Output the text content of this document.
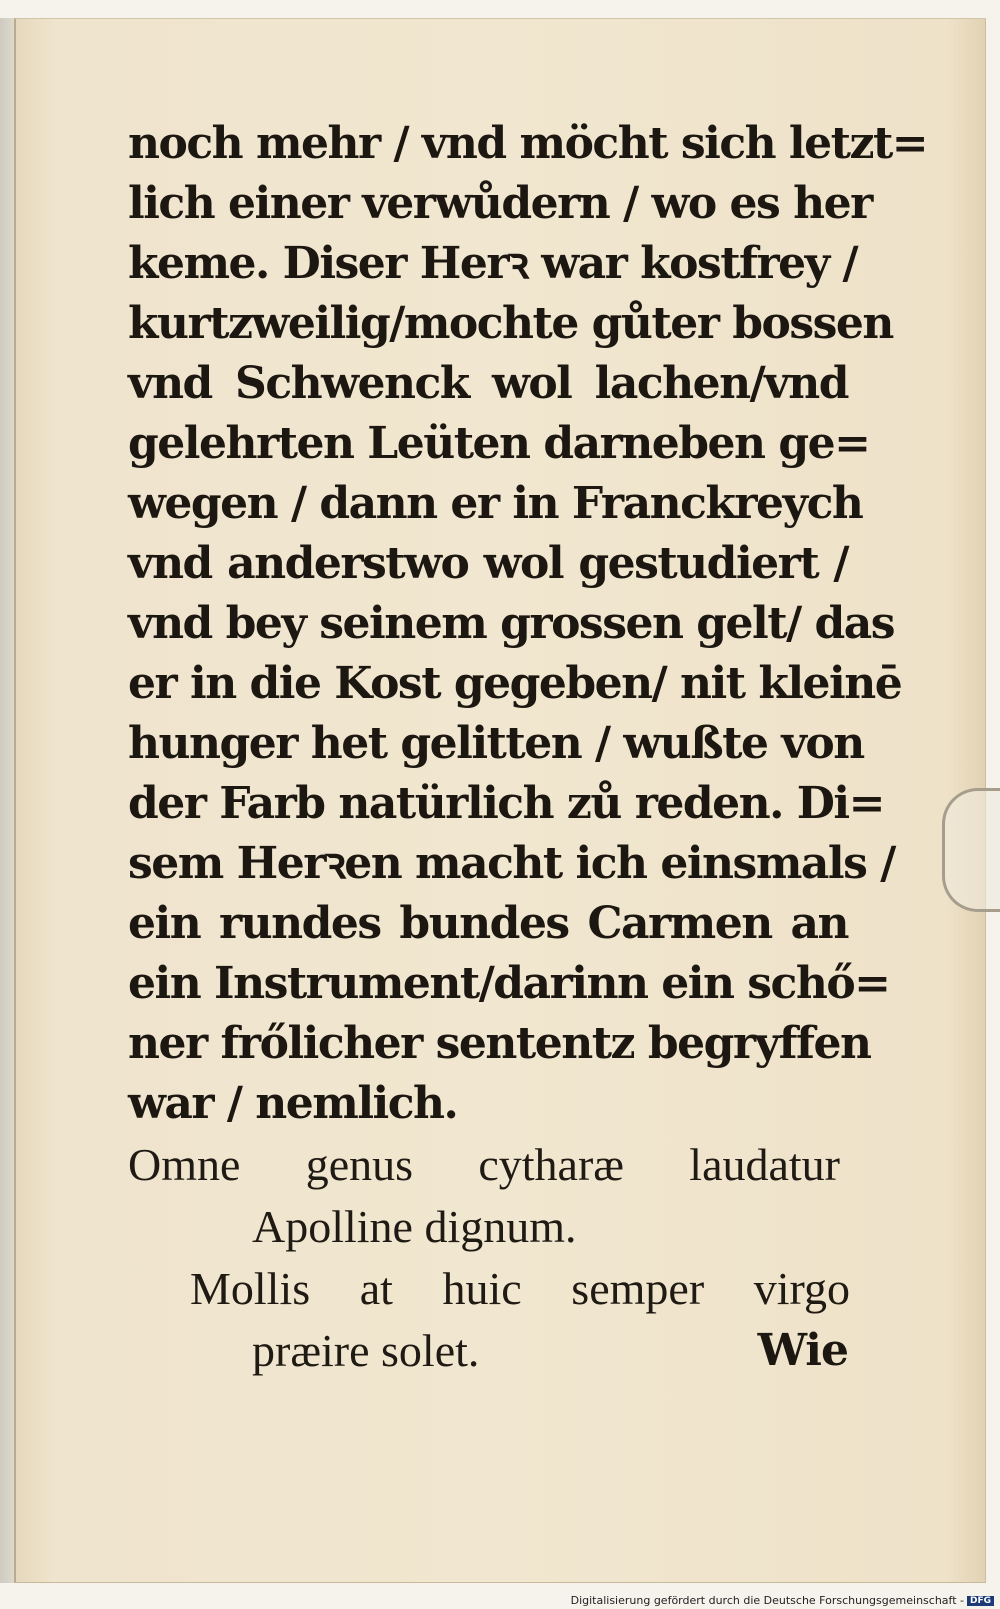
noch mehr / vnd möcht sich letzt=
lich einer verwůdern / wo es her
keme. Diser Herꝛ war kostfrey /
kurtzweilig/mochte gůter bossen
vnd Schwenck wol lachen/vnd
gelehrten Leüten darneben ge=
wegen / dann er in Franckreych
vnd anderstwo wol gestudiert /
vnd bey seinem grossen gelt/ das
er in die Kost gegeben/ nit kleinē
hunger het gelitten / wußte von
der Farb natürlich zů reden. Di=
sem Herꝛen macht ich einsmals /
ein rundes bundes Carmen an
ein Instrument/darinn ein schő=
ner frőlicher sententz begryffen
war / nemlich.
Omne genus cytharæ laudatur
Apolline dignum.
Mollis at huic semper virgo
præire solet.	Wie
Digitalisierung gefördert durch die Deutsche Forschungsgemeinschaft - DFG
